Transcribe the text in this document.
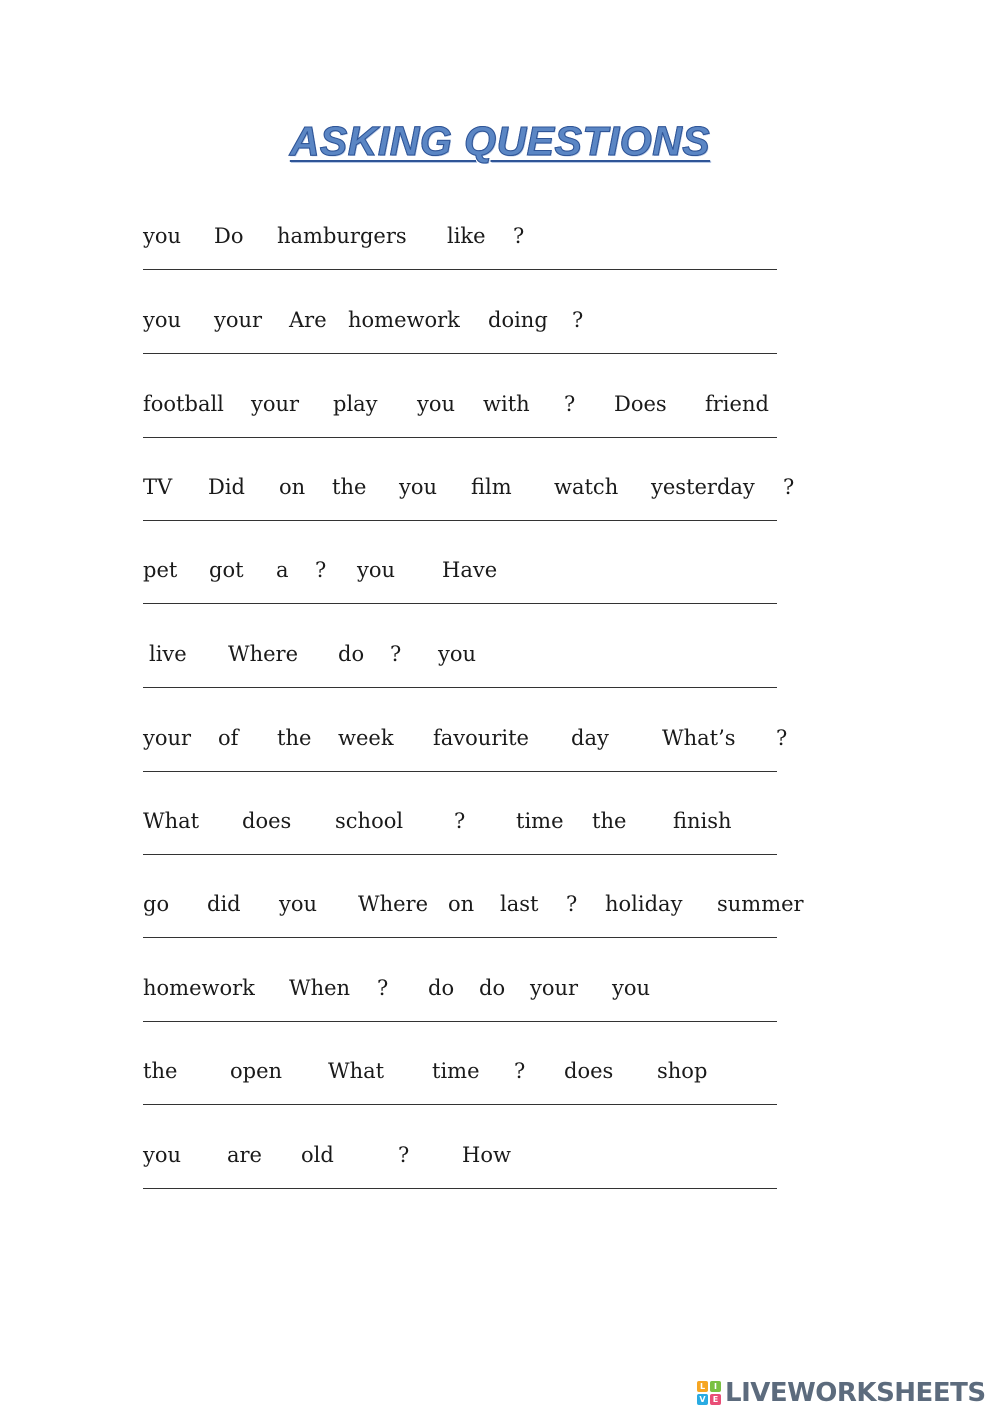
ASKING QUESTIONS
you Do hamburgers like ?
you your Are homework doing ?
football your play you with ? Does friend
TV Did on the you film watch yesterday ?
pet got a ? you Have
live Where do ? you
your of the week favourite day	What’s ?
What does school ? time the finish
go did you Where on last ? holiday summer
homework When ? do do your you
the	open What time ? does shop
you are old	?	How
L	I
V E LIVEWORKSHEETS
